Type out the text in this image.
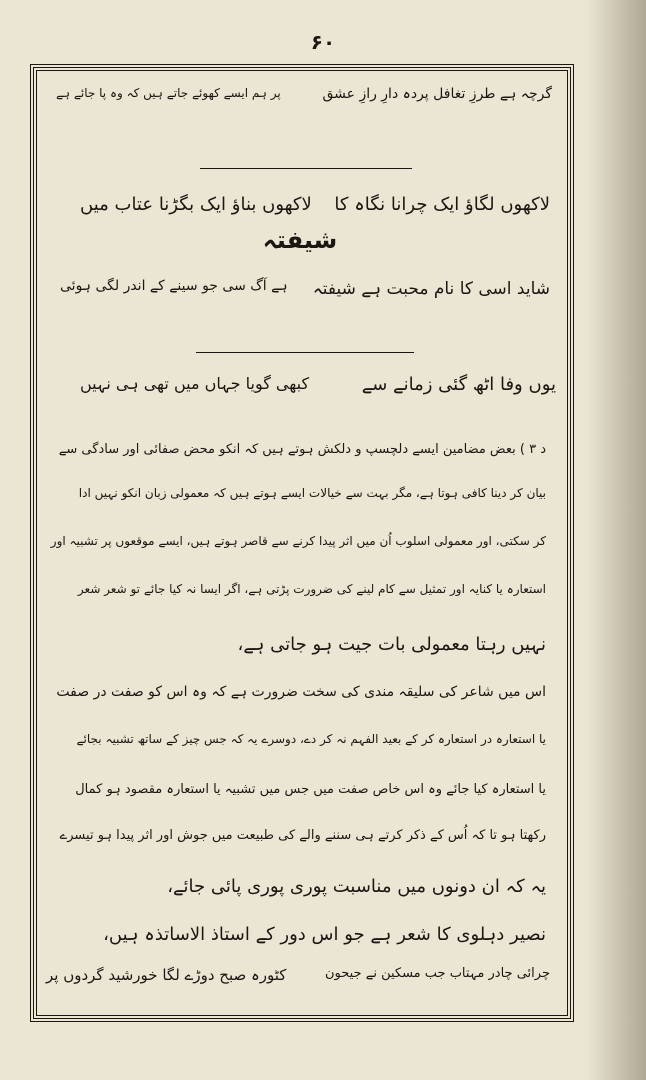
۶۰
گرچہ ہے طرزِ تغافل پردہ دارِ رازِ عشق
پر ہم ایسے کھوئے جاتے ہیں کہ وہ پا جائے ہے
لاکھوں لگاؤ ایک چرانا نگاہ کا
لاکھوں بناؤ ایک بگڑنا عتاب میں
شیفتہ
شاید اسی کا نام محبت ہے شیفتہ
ہے آگ سی جو سینے کے اندر لگی ہوئی
یوں وفا اٹھ گئی زمانے سے
کبھی گویا جہاں میں تھی ہی نہیں
د ۳ ) بعض مضامین ایسے دلچسپ و دلکش ہوتے ہیں کہ انکو محض صفائی اور سادگی سے
بیان کر دینا کافی ہوتا ہے، مگر بہت سے خیالات ایسے ہوتے ہیں کہ معمولی زبان انکو نہیں ادا
کر سکتی، اور معمولی اسلوب اُن میں اثر پیدا کرنے سے قاصر ہوتے ہیں، ایسے موقعوں پر تشبیہ اور
استعارہ یا کنایہ اور تمثیل سے کام لینے کی ضرورت پڑتی ہے، اگر ایسا نہ کیا جائے تو شعر شعر
نہیں رہتا معمولی بات جیت ہو جاتی ہے،
اس میں شاعر کی سلیقہ مندی کی سخت ضرورت ہے کہ وہ اس کو صفت در صفت
یا استعارہ در استعارہ کر کے بعید الفہم نہ کر دے، دوسرے یہ کہ جس چیز کے ساتھ تشبیہ بجائے
یا استعارہ کیا جائے وہ اس خاص صفت میں جس میں تشبیہ یا استعارہ مقصود ہو کمال
رکھتا ہو تا کہ اُس کے ذکر کرتے ہی سننے والے کی طبیعت میں جوش اور اثر پیدا ہو تیسرے
یہ کہ ان دونوں میں مناسبت پوری پوری پائی جائے،
نصیر دہلوی کا شعر ہے جو اس دور کے استاذ الاساتذہ ہیں،
چرائی چادر مہتاب جب مسکین نے جیحون
کٹورہ صبح دوڑے لگا خورشید گردوں پر
